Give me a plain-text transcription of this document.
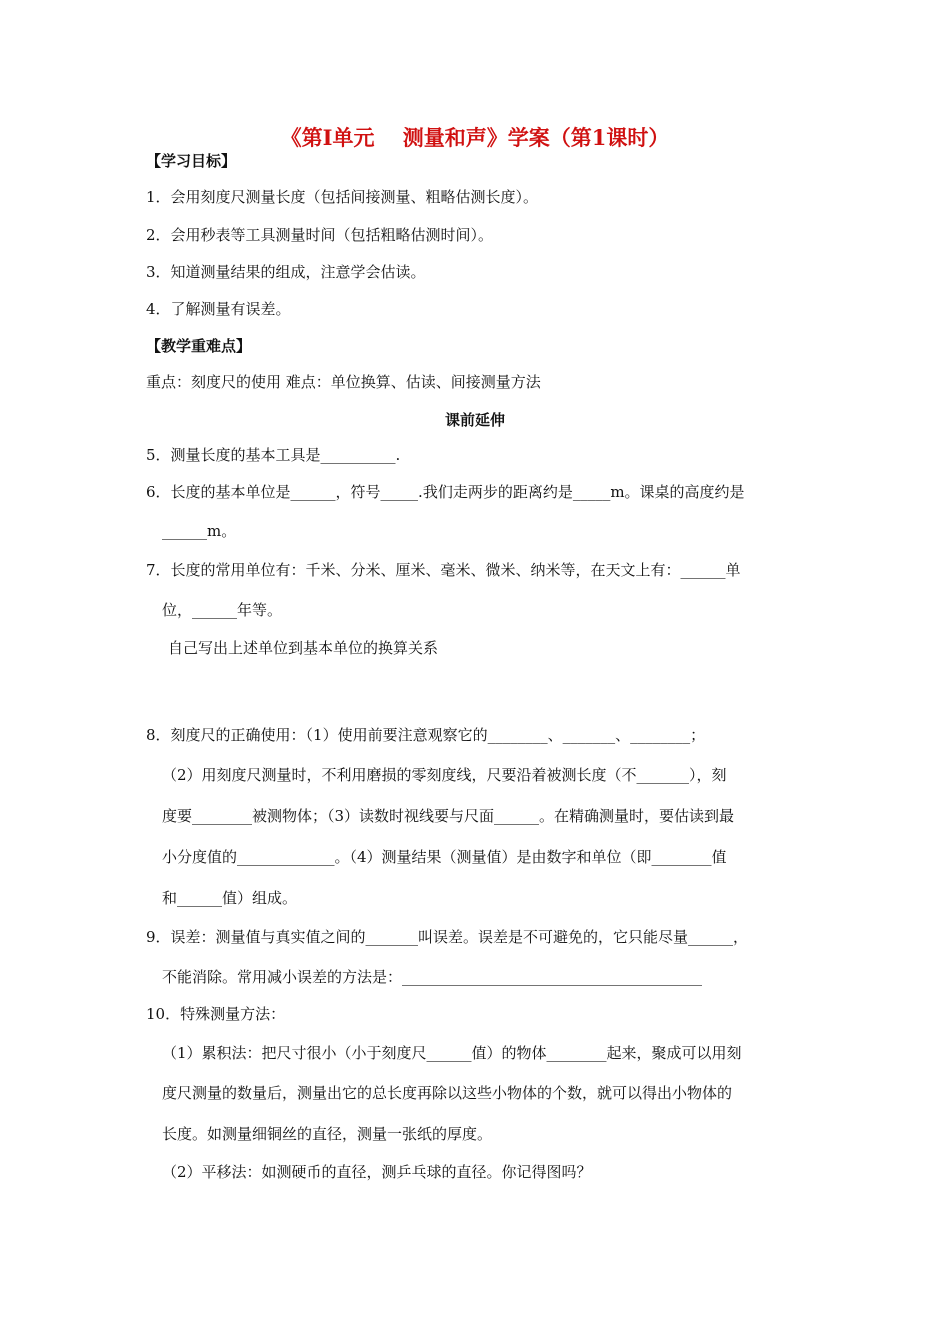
《第Ⅰ单元　 测量和声》学案（第1课时）
【学习目标】
1．会用刻度尺测量长度（包括间接测量、粗略估测长度）。
2．会用秒表等工具测量时间（包括粗略估测时间）。
3．知道测量结果的组成，注意学会估读。
4．了解测量有误差。
【教学重难点】
重点：刻度尺的使用 难点：单位换算、估读、间接测量方法
课前延伸
5．测量长度的基本工具是__________.
6．长度的基本单位是______，符号_____.我们走两步的距离约是_____m。课桌的高度约是
______m。
7．长度的常用单位有：千米、分米、厘米、毫米、微米、纳米等，在天文上有：______单
位，______年等。
自己写出上述单位到基本单位的换算关系
8．刻度尺的正确使用：（1）使用前要注意观察它的________、_______、________；
（2）用刻度尺测量时，不利用磨损的零刻度线，尺要沿着被测长度（不_______），刻
度要________被测物体；（3）读数时视线要与尺面______。在精确测量时，要估读到最
小分度值的_____________。（4）测量结果（测量值）是由数字和单位（即________值
和______值）组成。
9．误差：测量值与真实值之间的_______叫误差。误差是不可避免的，它只能尽量______，
不能消除。常用减小误差的方法是：________________________________________
10．特殊测量方法：
（1）累积法：把尺寸很小（小于刻度尺______值）的物体________起来，聚成可以用刻
度尺测量的数量后，测量出它的总长度再除以这些小物体的个数，就可以得出小物体的
长度。如测量细铜丝的直径，测量一张纸的厚度。
（2）平移法：如测硬币的直径，测乒乓球的直径。你记得图吗？
